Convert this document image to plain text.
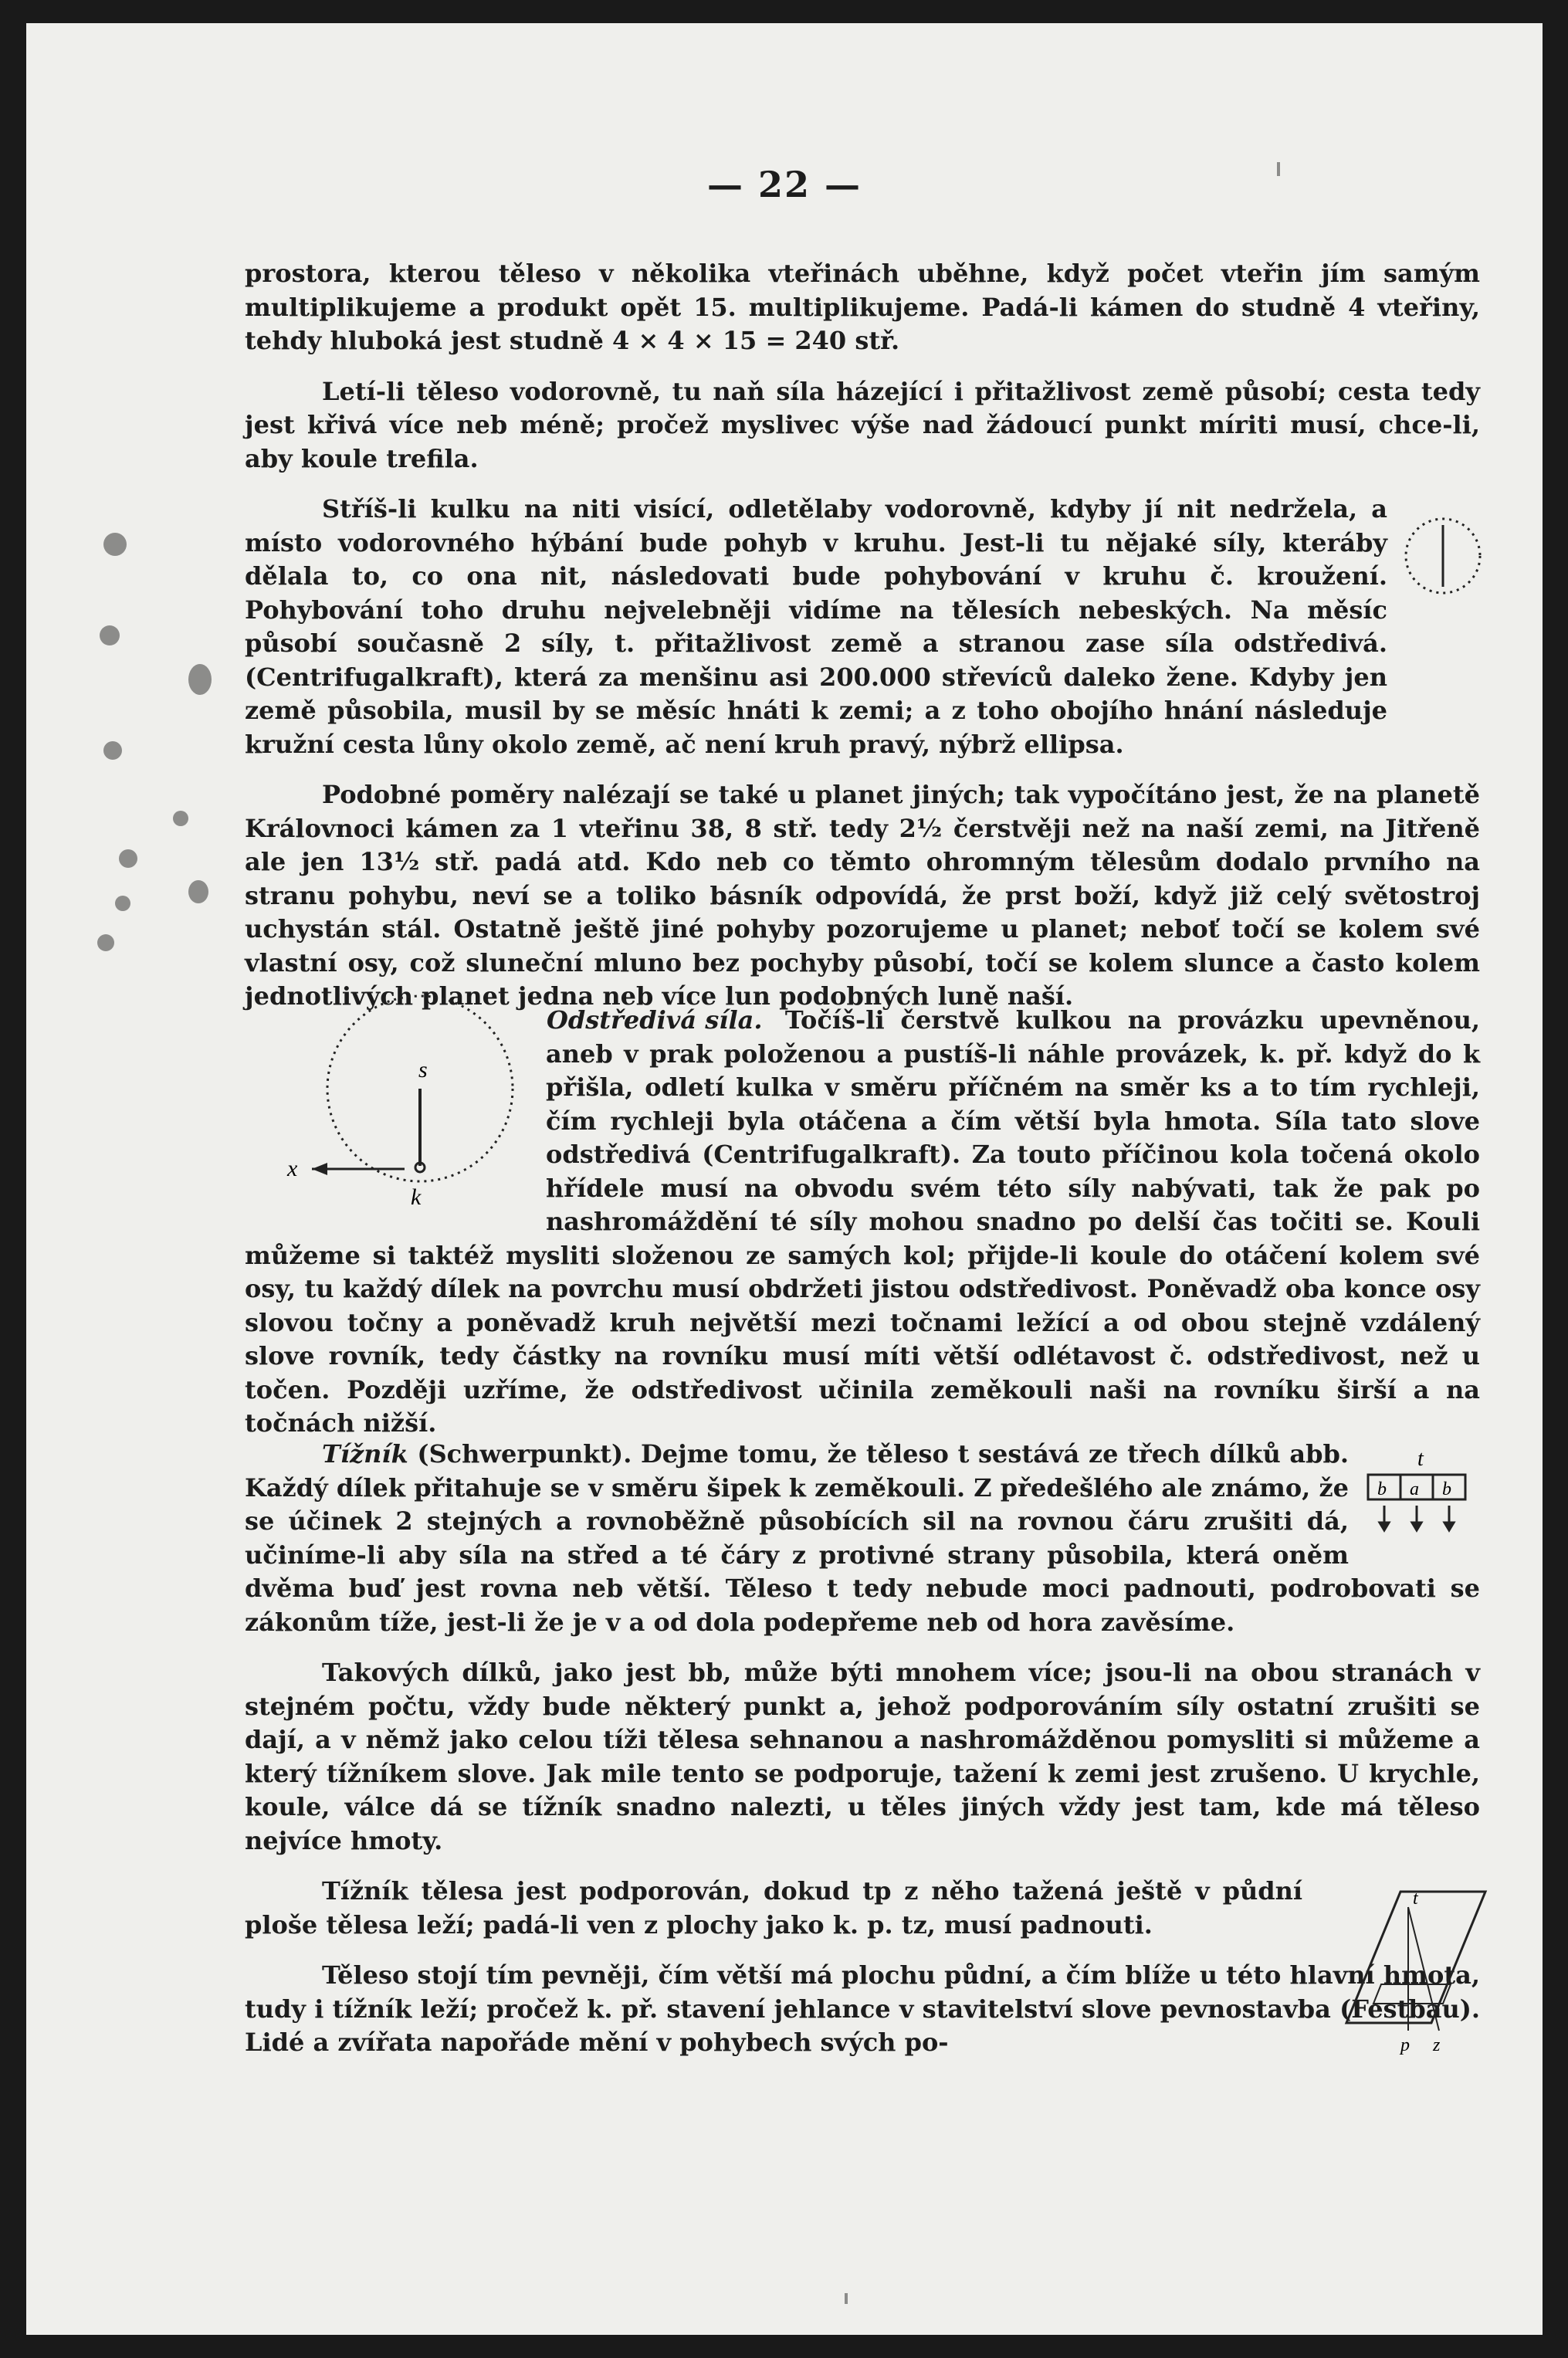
— 22 —

prostora, kterou těleso v několika vteřinách uběhne, když počet vteřin jím samým multiplikujeme a produkt opět 15. multiplikujeme. Padá-li kámen do studně 4 vteřiny, tehdy hluboká jest studně 4 × 4 × 15 = 240 stř.

Letí-li těleso vodorovně, tu naň síla házející i přitažlivost země působí; cesta tedy jest křivá více neb méně; pročež myslivec výše nad žádoucí punkt míriti musí, chce-li, aby koule trefila.

Stříš-li kulku na niti visící, odletělaby vodorovně, kdyby jí nit nedržela, a místo vodorovného hýbání bude pohyb v kruhu. Jest-li tu nějaké síly, kteráby dělala to, co ona nit, následovati bude pohybování v kruhu č. kroužení. Pohybování toho druhu nejvelebněji vidíme na tělesích nebeských. Na měsíc působí současně 2 síly, t. přitažlivost země a stranou zase síla odstředivá. (Centrifugalkraft), která za menšinu asi 200.000 střevíců daleko žene. Kdyby jen země působila, musil by se měsíc hnáti k zemi; a z toho obojího hnání následuje kružní cesta lůny okolo země, ač není kruh pravý, nýbrž ellipsa.

Podobné poměry nalézají se také u planet jiných; tak vypočítáno jest, že na planetě Královnoci kámen za 1 vteřinu 38, 8 stř. tedy 2½ čerstvěji než na naší zemi, na Jitřeně ale jen 13½ stř. padá atd. Kdo neb co těmto ohromným tělesům dodalo prvního na stranu pohybu, neví se a toliko básník odpovídá, že prst boží, když již celý světostroj uchystán stál. Ostatně ještě jiné pohyby pozorujeme u planet; neboť točí se kolem své vlastní osy, což sluneční mluno bez pochyby působí, točí se kolem slunce a často kolem jednotlivých planet jedna neb více lun podobných luně naší.

s
k
x

Odstředivá síla. Točíš-li čerstvě kulkou na provázku upevněnou, aneb v prak položenou a pustíš-li náhle provázek, k. př. když do k přišla, odletí kulka v směru příčném na směr ks a to tím rychleji, čím rychleji byla otáčena a čím větší byla hmota. Síla tato slove odstředivá (Centrifugalkraft). Za touto příčinou kola točená okolo hřídele musí na obvodu svém této síly nabývati, tak že pak po nashromáždění té síly mohou snadno po delší čas točiti se. Kouli můžeme si taktéž mysliti složenou ze samých kol; přijde-li koule do otáčení kolem své osy, tu každý dílek na povrchu musí obdržeti jistou odstředivost. Poněvadž oba konce osy slovou točny a poněvadž kruh největší mezi točnami ležící a od obou stejně vzdálený slove rovník, tedy částky na rovníku musí míti větší odlétavost č. odstředivost, než u točen. Později uzříme, že odstředivost učinila zeměkouli naši na rovníku širší a na točnách nižší.

Tížník (Schwerpunkt). Dejme tomu, že těleso t sestává ze třech dílků abb. Každý dílek přitahuje se v směru šipek k zeměkouli. Z předešlého ale známo, že se účinek 2 stejných a rovnoběžně působících sil na rovnou čáru zrušiti dá, učiníme-li aby síla na střed a té čáry z protivné strany působila, která oněm dvěma buď jest rovna neb větší. Těleso t tedy nebude moci padnouti, podrobovati se zákonům tíže, jest-li že je v a od dola podepřeme neb od hora zavěsíme.

Takových dílků, jako jest bb, může býti mnohem více; jsou-li na obou stranách v stejném počtu, vždy bude některý punkt a, jehož podporováním síly ostatní zrušiti se dají, a v němž jako celou tíži tělesa sehnanou a nashromážděnou pomysliti si můžeme a který tížníkem slove. Jak mile tento se podporuje, tažení k zemi jest zrušeno. U krychle, koule, válce dá se tížník snadno nalezti, u těles jiných vždy jest tam, kde má těleso nejvíce hmoty.

Tížník tělesa jest podporován, dokud tp z něho tažená ještě v půdní ploše tělesa leží; padá-li ven z plochy jako k. p. tz, musí padnouti.

Těleso stojí tím pevněji, čím větší má plochu půdní, a čím blíže u této hlavní hmota, tudy i tížník leží; pročež k. př. stavení jehlance v stavitelství slove pevnostavba (Festbau). Lidé a zvířata napořáde mění v pohybech svých po-

t
b a b
t
p z
